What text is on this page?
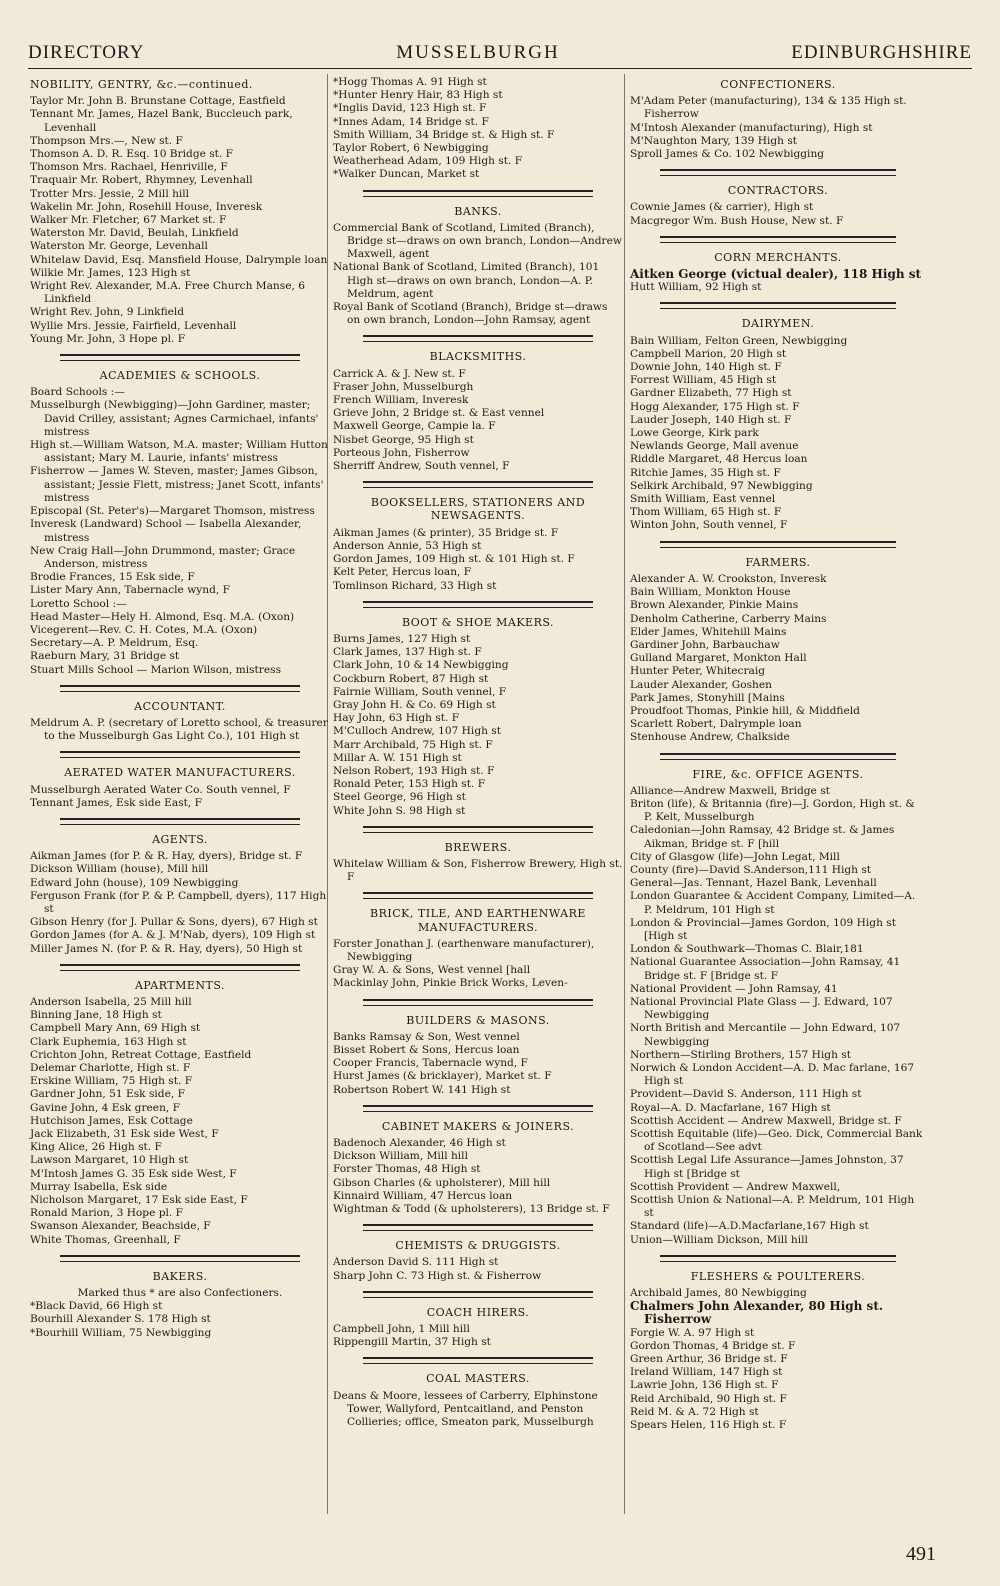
DIRECTORY	MUSSELBURGH	EDINBURGHSHIRE
NOBILITY, GENTRY, &c.—continued.
Taylor Mr. John B. Brunstane Cottage, Eastfield
Tennant Mr. James, Hazel Bank, Buccleuch park, Levenhall
Thompson Mrs.—, New st. F
Thomson A. D. R. Esq. 10 Bridge st. F
Thomson Mrs. Rachael, Henriville, F
Traquair Mr. Robert, Rhymney, Levenhall
Trotter Mrs. Jessie, 2 Mill hill
Wakelin Mr. John, Rosehill House, Inveresk
Walker Mr. Fletcher, 67 Market st. F
Waterston Mr. David, Beulah, Linkfield
Waterston Mr. George, Levenhall
Whitelaw David, Esq. Mansfield House, Dalrymple loan
Wilkie Mr. James, 123 High st
Wright Rev. Alexander, M.A. Free Church Manse, 6 Linkfield
Wright Rev. John, 9 Linkfield
Wyllie Mrs. Jessie, Fairfield, Levenhall
Young Mr. John, 3 Hope pl. F
ACADEMIES & SCHOOLS.
Board Schools :—
Musselburgh (Newbigging)—John Gardiner, master; David Crilley, assistant; Agnes Carmichael, infants' mistress
High st.—William Watson, M.A. master; William Hutton assistant; Mary M. Laurie, infants' mistress
Fisherrow — James W. Steven, master; James Gibson, assistant; Jessie Flett, mistress; Janet Scott, infants' mistress
Episcopal (St. Peter's)—Margaret Thomson, mistress
Inveresk (Landward) School — Isabella Alexander, mistress
New Craig Hall—John Drummond, master; Grace Anderson, mistress
Brodie Frances, 15 Esk side, F
Lister Mary Ann, Tabernacle wynd, F
Loretto School :—
Head Master—Hely H. Almond, Esq. M.A. (Oxon)
Vicegerent—Rev. C. H. Cotes, M.A. (Oxon)
Secretary—A. P. Meldrum, Esq.
Raeburn Mary, 31 Bridge st
Stuart Mills School — Marion Wilson, mistress
ACCOUNTANT.
Meldrum A. P. (secretary of Loretto school, & treasurer to the Musselburgh Gas Light Co.), 101 High st
AERATED WATER MANUFACTURERS.
Musselburgh Aerated Water Co. South vennel, F
Tennant James, Esk side East, F
AGENTS.
Aikman James (for P. & R. Hay, dyers), Bridge st. F
Dickson William (house), Mill hill
Edward John (house), 109 Newbigging
Ferguson Frank (for P. & P. Campbell, dyers), 117 High st
Gibson Henry (for J. Pullar & Sons, dyers), 67 High st
Gordon James (for A. & J. M'Nab, dyers), 109 High st
Miller James N. (for P. & R. Hay, dyers), 50 High st
APARTMENTS.
Anderson Isabella, 25 Mill hill
Binning Jane, 18 High st
Campbell Mary Ann, 69 High st
Clark Euphemia, 163 High st
Crichton John, Retreat Cottage, Eastfield
Delemar Charlotte, High st. F
Erskine William, 75 High st. F
Gardner John, 51 Esk side, F
Gavine John, 4 Esk green, F
Hutchison James, Esk Cottage
Jack Elizabeth, 31 Esk side West, F
King Alice, 26 High st. F
Lawson Margaret, 10 High st
M'Intosh James G. 35 Esk side West, F
Murray Isabella, Esk side
Nicholson Margaret, 17 Esk side East, F
Ronald Marion, 3 Hope pl. F
Swanson Alexander, Beachside, F
White Thomas, Greenhall, F
BAKERS.
Marked thus * are also Confectioners.
*Black David, 66 High st
Bourhill Alexander S. 178 High st
*Bourhill William, 75 Newbigging
*Hogg Thomas A. 91 High st
*Hunter Henry Hair, 83 High st
*Inglis David, 123 High st. F
*Innes Adam, 14 Bridge st. F
Smith William, 34 Bridge st. & High st. F
Taylor Robert, 6 Newbigging
Weatherhead Adam, 109 High st. F
*Walker Duncan, Market st
BANKS.
Commercial Bank of Scotland, Limited (Branch), Bridge st—draws on own branch, London—Andrew Maxwell, agent
National Bank of Scotland, Limited (Branch), 101 High st—draws on own branch, London—A. P. Meldrum, agent
Royal Bank of Scotland (Branch), Bridge st—draws on own branch, London—John Ramsay, agent
BLACKSMITHS.
Carrick A. & J. New st. F
Fraser John, Musselburgh
French William, Inveresk
Grieve John, 2 Bridge st. & East vennel
Maxwell George, Campie la. F
Nisbet George, 95 High st
Porteous John, Fisherrow
Sherriff Andrew, South vennel, F
BOOKSELLERS, STATIONERS AND NEWSAGENTS.
Aikman James (& printer), 35 Bridge st. F
Anderson Annie, 53 High st
Gordon James, 109 High st. & 101 High st. F
Kelt Peter, Hercus loan, F
Tomlinson Richard, 33 High st
BOOT & SHOE MAKERS.
Burns James, 127 High st
Clark James, 137 High st. F
Clark John, 10 & 14 Newbigging
Cockburn Robert, 87 High st
Fairnie William, South vennel, F
Gray John H. & Co. 69 High st
Hay John, 63 High st. F
M'Culloch Andrew, 107 High st
Marr Archibald, 75 High st. F
Millar A. W. 151 High st
Nelson Robert, 193 High st. F
Ronald Peter, 153 High st. F
Steel George, 96 High st
White John S. 98 High st
BREWERS.
Whitelaw William & Son, Fisherrow Brewery, High st. F
BRICK, TILE, AND EARTHENWARE MANUFACTURERS.
Forster Jonathan J. (earthenware manufacturer), Newbigging
Gray W. A. & Sons, West vennel [hall
Mackinlay John, Pinkie Brick Works, Leven-
BUILDERS & MASONS.
Banks Ramsay & Son, West vennel
Bisset Robert & Sons, Hercus loan
Cooper Francis, Tabernacle wynd, F
Hurst James (& bricklayer), Market st. F
Robertson Robert W. 141 High st
CABINET MAKERS & JOINERS.
Badenoch Alexander, 46 High st
Dickson William, Mill hill
Forster Thomas, 48 High st
Gibson Charles (& upholsterer), Mill hill
Kinnaird William, 47 Hercus loan
Wightman & Todd (& upholsterers), 13 Bridge st. F
CHEMISTS & DRUGGISTS.
Anderson David S. 111 High st
Sharp John C. 73 High st. & Fisherrow
COACH HIRERS.
Campbell John, 1 Mill hill
Rippengill Martin, 37 High st
COAL MASTERS.
Deans & Moore, lessees of Carberry, Elphinstone Tower, Wallyford, Pentcaitland, and Penston Collieries; office, Smeaton park, Musselburgh
CONFECTIONERS.
M'Adam Peter (manufacturing), 134 & 135 High st. Fisherrow
M'Intosh Alexander (manufacturing), High st
M'Naughton Mary, 139 High st
Sproll James & Co. 102 Newbigging
CONTRACTORS.
Cownie James (& carrier), High st
Macgregor Wm. Bush House, New st. F
CORN MERCHANTS.
Aitken George (victual dealer), 118 High st
Hutt William, 92 High st
DAIRYMEN.
Bain William, Felton Green, Newbigging
Campbell Marion, 20 High st
Downie John, 140 High st. F
Forrest William, 45 High st
Gardner Elizabeth, 77 High st
Hogg Alexander, 175 High st. F
Lauder Joseph, 140 High st. F
Lowe George, Kirk park
Newlands George, Mall avenue
Riddle Margaret, 48 Hercus loan
Ritchie James, 35 High st. F
Selkirk Archibald, 97 Newbigging
Smith William, East vennel
Thom William, 65 High st. F
Winton John, South vennel, F
FARMERS.
Alexander A. W. Crookston, Inveresk
Bain William, Monkton House
Brown Alexander, Pinkie Mains
Denholm Catherine, Carberry Mains
Elder James, Whitehill Mains
Gardiner John, Barbauchaw
Gulland Margaret, Monkton Hall
Hunter Peter, Whitecraig
Lauder Alexander, Goshen
Park James, Stonyhill [Mains
Proudfoot Thomas, Pinkie hill, & Middfield
Scarlett Robert, Dalrymple loan
Stenhouse Andrew, Chalkside
FIRE, &c. OFFICE AGENTS.
Alliance—Andrew Maxwell, Bridge st
Briton (life), & Britannia (fire)—J. Gordon, High st. & P. Kelt, Musselburgh
Caledonian—John Ramsay, 42 Bridge st. & James Aikman, Bridge st. F [hill
City of Glasgow (life)—John Legat, Mill
County (fire)—David S.Anderson,111 High st
General—Jas. Tennant, Hazel Bank, Levenhall
London Guarantee & Accident Company, Limited—A. P. Meldrum, 101 High st
London & Provincial—James Gordon, 109 High st [High st
London & Southwark—Thomas C. Blair,181
National Guarantee Association—John Ramsay, 41 Bridge st. F [Bridge st. F
National Provident — John Ramsay, 41
National Provincial Plate Glass — J. Edward, 107 Newbigging
North British and Mercantile — John Edward, 107 Newbigging
Northern—Stirling Brothers, 157 High st
Norwich & London Accident—A. D. Mac farlane, 167 High st
Provident—David S. Anderson, 111 High st
Royal—A. D. Macfarlane, 167 High st
Scottish Accident — Andrew Maxwell, Bridge st. F
Scottish Equitable (life)—Geo. Dick, Commercial Bank of Scotland—See advt
Scottish Legal Life Assurance—James Johnston, 37 High st [Bridge st
Scottish Provident — Andrew Maxwell,
Scottish Union & National—A. P. Meldrum, 101 High st
Standard (life)—A.D.Macfarlane,167 High st
Union—William Dickson, Mill hill
FLESHERS & POULTERERS.
Archibald James, 80 Newbigging
Chalmers John Alexander, 80 High st. Fisherrow
Forgie W. A. 97 High st
Gordon Thomas, 4 Bridge st. F
Green Arthur, 36 Bridge st. F
Ireland William, 147 High st
Lawrie John, 136 High st. F
Reid Archibald, 90 High st. F
Reid M. & A. 72 High st
Spears Helen, 116 High st. F
491
